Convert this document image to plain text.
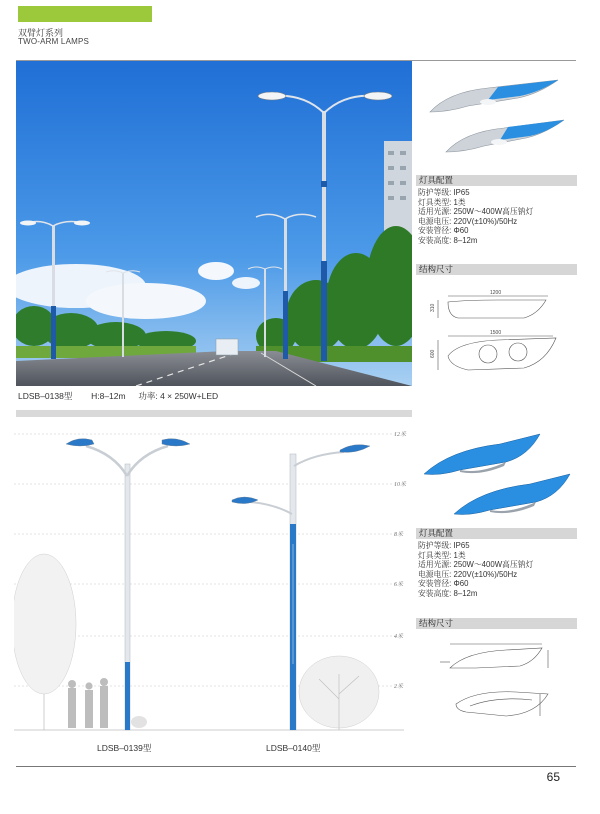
双臂灯系列
TWO-ARM LAMPS
LDSB–0138型 H:8–12m 功率: 4 × 250W+LED
灯具配置
防护等级: IP65
灯具类型: 1类
适用光源: 250W～400W高压钠灯
电源电压: 220V(±10%)/50Hz
安装管径: Φ60
安装高度: 8–12m
结构尺寸
1200
1500
310
600
12米
10米
8米
6米
4米
2米
LDSB–0139型	LDSB–0140型
灯具配置
防护等级: IP65
灯具类型: 1类
适用光源: 250W～400W高压钠灯
电源电压: 220V(±10%)/50Hz
安装管径: Φ60
安装高度: 8–12m
结构尺寸
65
